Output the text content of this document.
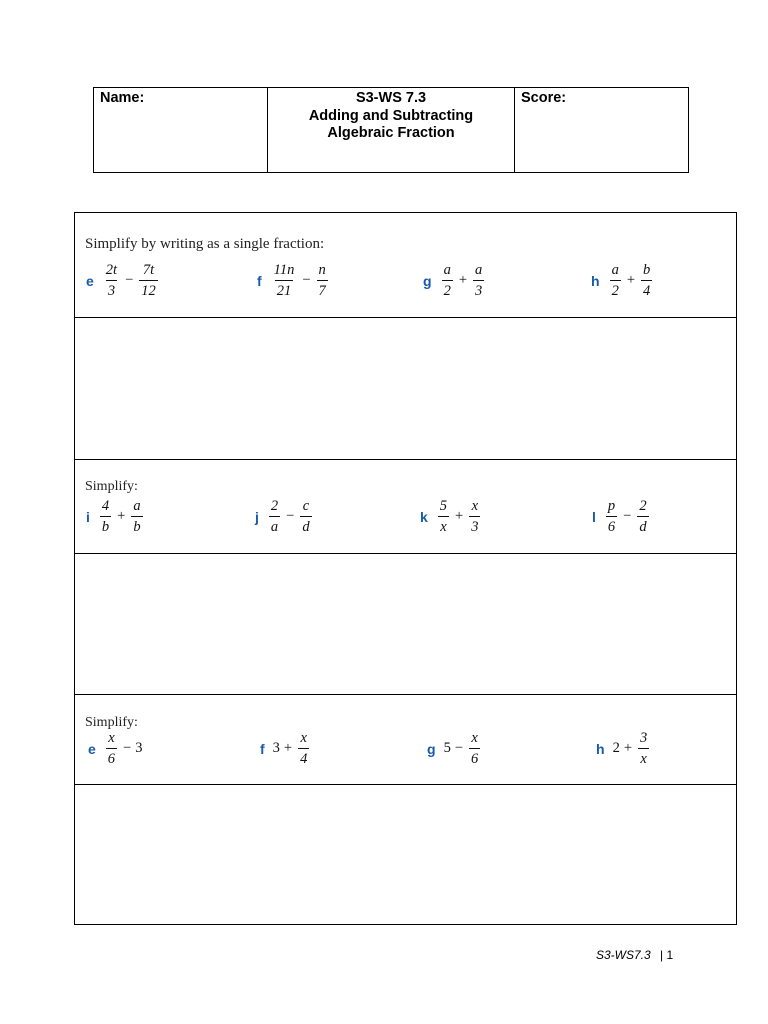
Name:	S3-WS 7.3
Adding and Subtracting
Algebraic Fraction
Score:
Simplify by writing as a single fraction:
e $\frac{2t}{3} - \frac{7t}{12}$	f $\frac{11n}{21} - \frac{n}{7}$	g $\frac{a}{2} + \frac{a}{3}$	h $\frac{a}{2} + \frac{b}{4}$
Simplify:
i $\frac{4}{b} + \frac{a}{b}$	j $\frac{2}{a} - \frac{c}{d}$	k $\frac{5}{x} + \frac{x}{3}$	l $\frac{p}{6} - \frac{2}{d}$
Simplify:
e $\frac{x}{6} - 3$	f $3 + \frac{x}{4}$	g $5 - \frac{x}{6}$	h $2 + \frac{3}{x}$
S3-WS7.3 | 1
